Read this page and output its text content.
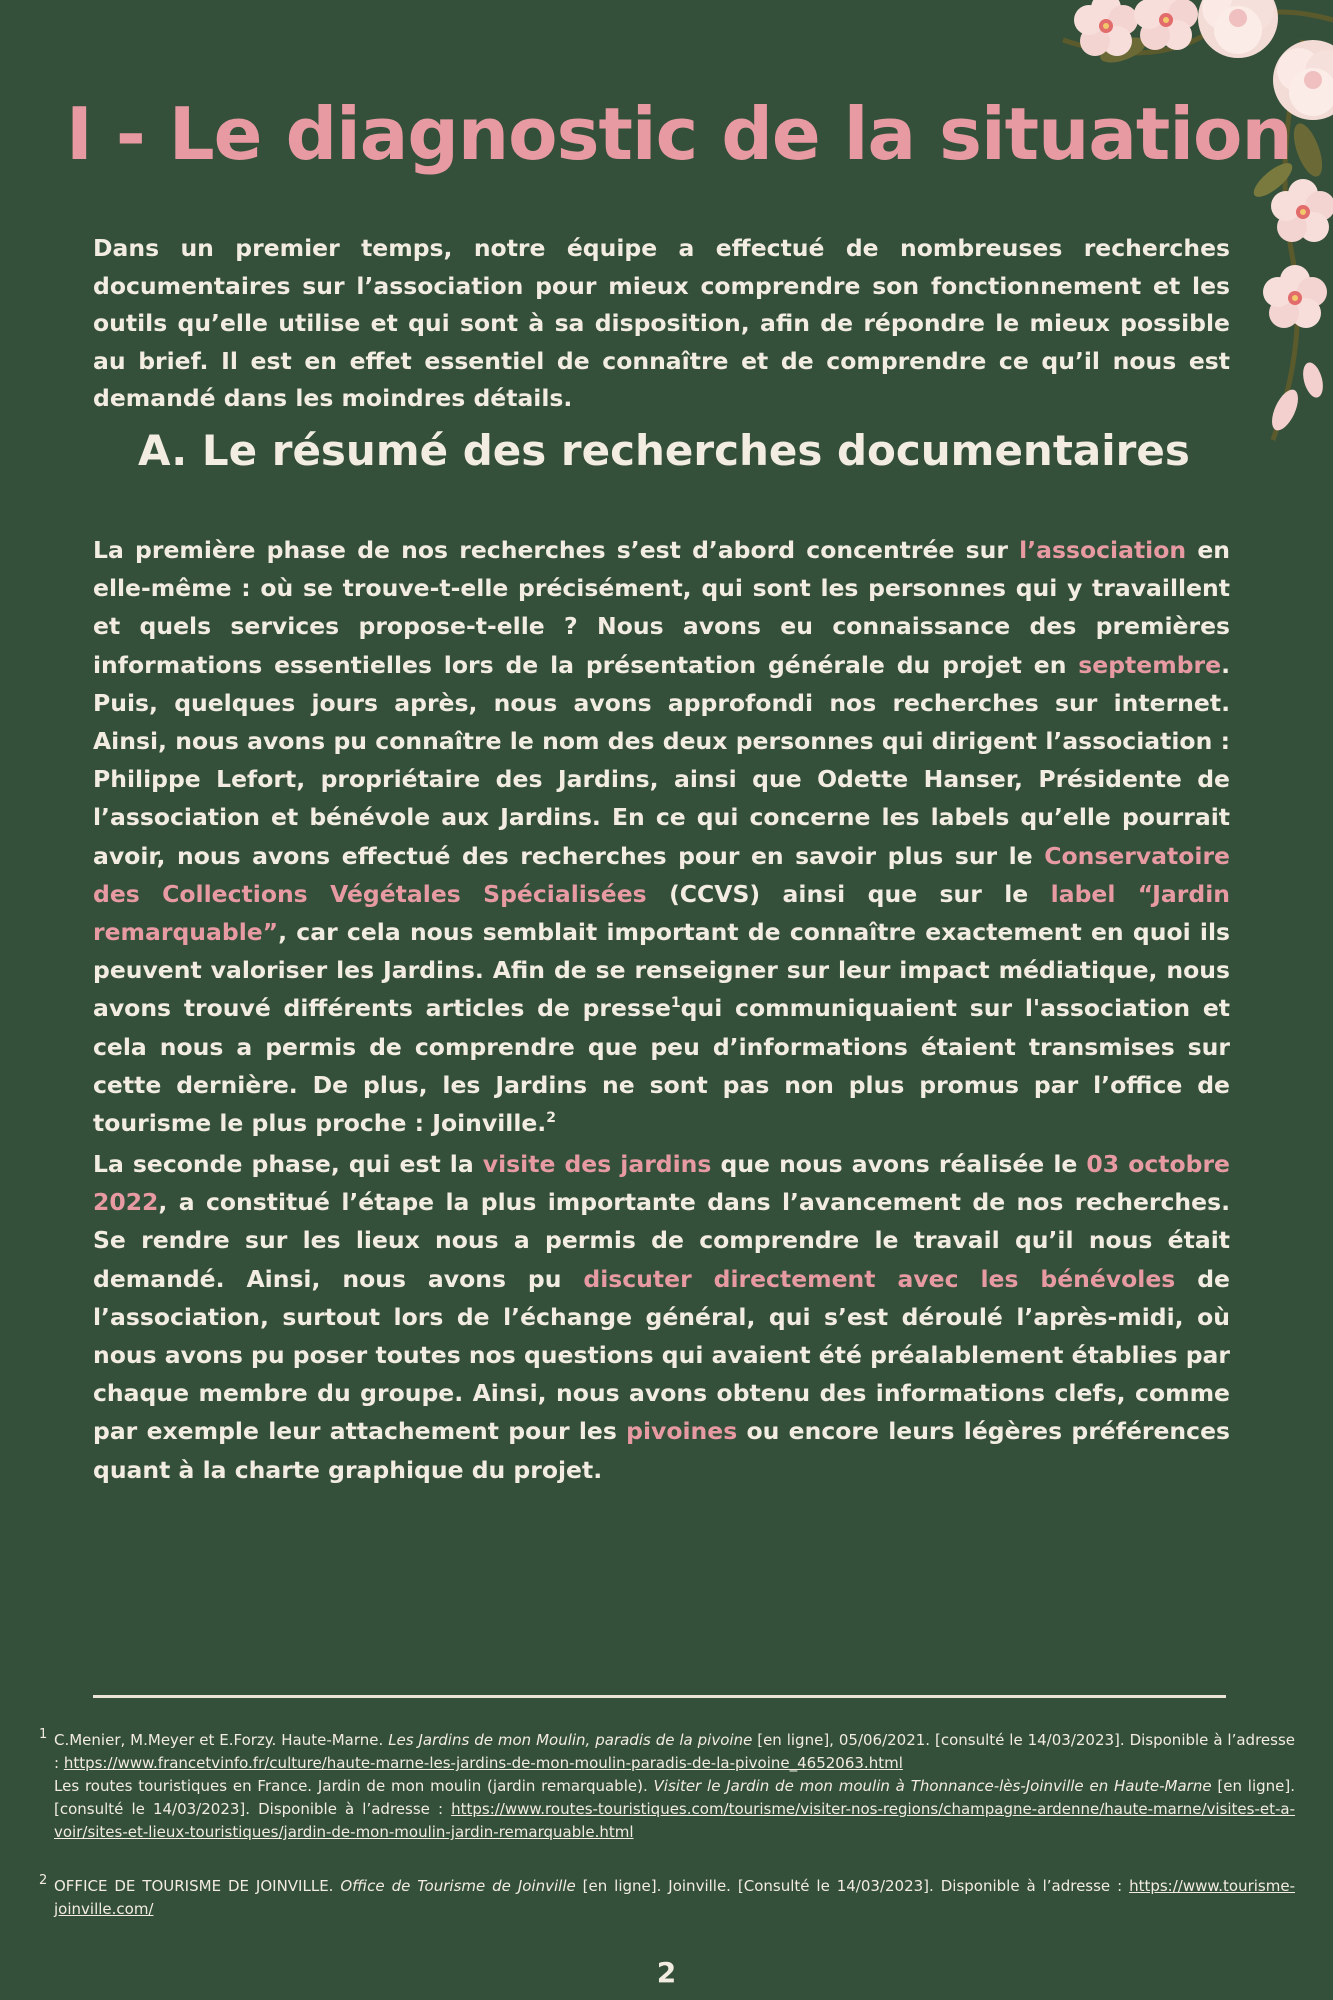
I - Le diagnostic de la situation

Dans un premier temps, notre équipe a effectué de nombreuses recherches documentaires sur l’association pour mieux comprendre son fonctionnement et les outils qu’elle utilise et qui sont à sa disposition, afin de répondre le mieux possible au brief. Il est en effet essentiel de connaître et de comprendre ce qu’il nous est demandé dans les moindres détails.

A. Le résumé des recherches documentaires

La première phase de nos recherches s’est d’abord concentrée sur l’association en elle-même : où se trouve-t-elle précisément, qui sont les personnes qui y travaillent et quels services propose-t-elle ? Nous avons eu connaissance des premières informations essentielles lors de la présentation générale du projet en septembre. Puis, quelques jours après, nous avons approfondi nos recherches sur internet. Ainsi, nous avons pu connaître le nom des deux personnes qui dirigent l’association : Philippe Lefort, propriétaire des Jardins, ainsi que Odette Hanser, Présidente de l’association et bénévole aux Jardins. En ce qui concerne les labels qu’elle pourrait avoir, nous avons effectué des recherches pour en savoir plus sur le Conservatoire des Collections Végétales Spécialisées (CCVS) ainsi que sur le label “Jardin remarquable”, car cela nous semblait important de connaître exactement en quoi ils peuvent valoriser les Jardins. Afin de se renseigner sur leur impact médiatique, nous avons trouvé différents articles de presse$^1$qui communiquaient sur l'association et cela nous a permis de comprendre que peu d’informations étaient transmises sur cette dernière. De plus, les Jardins ne sont pas non plus promus par l’office de tourisme le plus proche : Joinville.$^2$

La seconde phase, qui est la visite des jardins que nous avons réalisée le 03 octobre 2022, a constitué l’étape la plus importante dans l’avancement de nos recherches. Se rendre sur les lieux nous a permis de comprendre le travail qu’il nous était demandé. Ainsi, nous avons pu discuter directement avec les bénévoles de l’association, surtout lors de l’échange général, qui s’est déroulé l’après-midi, où nous avons pu poser toutes nos questions qui avaient été préalablement établies par chaque membre du groupe. Ainsi, nous avons obtenu des informations clefs, comme par exemple leur attachement pour les pivoines ou encore leurs légères préférences quant à la charte graphique du projet.

1 C.Menier, M.Meyer et E.Forzy. Haute-Marne. Les Jardins de mon Moulin, paradis de la pivoine [en ligne], 05/06/2021. [consulté le 14/03/2023]. Disponible à l’adresse : https://www.francetvinfo.fr/culture/haute-marne-les-jardins-de-mon-moulin-paradis-de-la-pivoine_4652063.html
Les routes touristiques en France. Jardin de mon moulin (jardin remarquable). Visiter le Jardin de mon moulin à Thonnance-lès-Joinville en Haute-Marne [en ligne]. [consulté le 14/03/2023]. Disponible à l’adresse : https://www.routes-touristiques.com/tourisme/visiter-nos-regions/champagne-ardenne/haute-marne/visites-et-a-voir/sites-et-lieux-touristiques/jardin-de-mon-moulin-jardin-remarquable.html

2 OFFICE DE TOURISME DE JOINVILLE. Office de Tourisme de Joinville [en ligne]. Joinville. [Consulté le 14/03/2023]. Disponible à l’adresse : https://www.tourisme-joinville.com/

2
